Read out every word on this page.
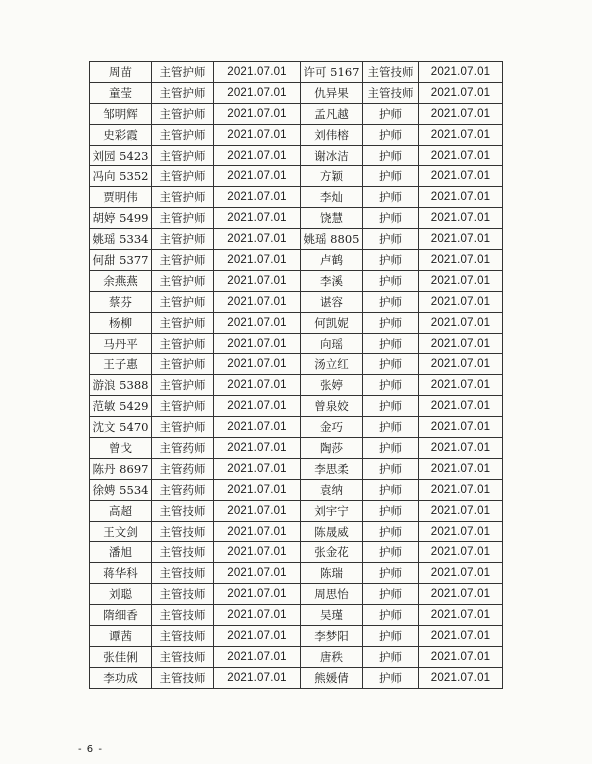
周苗	主管护师	2021.07.01	许可 5167	主管技师	2021.07.01
童莹	主管护师	2021.07.01	仇异果	主管技师	2021.07.01
邹明辉	主管护师	2021.07.01	孟凡越	护师	2021.07.01
史彩霞	主管护师	2021.07.01	刘伟榕	护师	2021.07.01
刘园 5423	主管护师	2021.07.01	谢冰洁	护师	2021.07.01
冯向 5352	主管护师	2021.07.01	方颖	护师	2021.07.01
贾明伟	主管护师	2021.07.01	李灿	护师	2021.07.01
胡婷 5499	主管护师	2021.07.01	饶慧	护师	2021.07.01
姚瑶 5334	主管护师	2021.07.01	姚瑶 8805	护师	2021.07.01
何甜 5377	主管护师	2021.07.01	卢鹤	护师	2021.07.01
余燕燕	主管护师	2021.07.01	李溪	护师	2021.07.01
蔡芬	主管护师	2021.07.01	谌容	护师	2021.07.01
杨柳	主管护师	2021.07.01	何凯妮	护师	2021.07.01
马丹平	主管护师	2021.07.01	向瑶	护师	2021.07.01
王子惠	主管护师	2021.07.01	汤立红	护师	2021.07.01
游浪 5388	主管护师	2021.07.01	张婷	护师	2021.07.01
范敏 5429	主管护师	2021.07.01	曾泉姣	护师	2021.07.01
沈文 5470	主管护师	2021.07.01	金巧	护师	2021.07.01
曾戈	主管药师	2021.07.01	陶莎	护师	2021.07.01
陈丹 8697	主管药师	2021.07.01	李思柔	护师	2021.07.01
徐娉 5534	主管药师	2021.07.01	袁纳	护师	2021.07.01
高超	主管技师	2021.07.01	刘宇宁	护师	2021.07.01
王文剑	主管技师	2021.07.01	陈晟威	护师	2021.07.01
潘旭	主管技师	2021.07.01	张金花	护师	2021.07.01
蒋华科	主管技师	2021.07.01	陈瑞	护师	2021.07.01
刘聪	主管技师	2021.07.01	周思怡	护师	2021.07.01
隋细香	主管技师	2021.07.01	吴瑾	护师	2021.07.01
谭茜	主管技师	2021.07.01	李梦阳	护师	2021.07.01
张佳俐	主管技师	2021.07.01	唐秩	护师	2021.07.01
李功成	主管技师	2021.07.01	熊媛倩	护师	2021.07.01
- 6 -
